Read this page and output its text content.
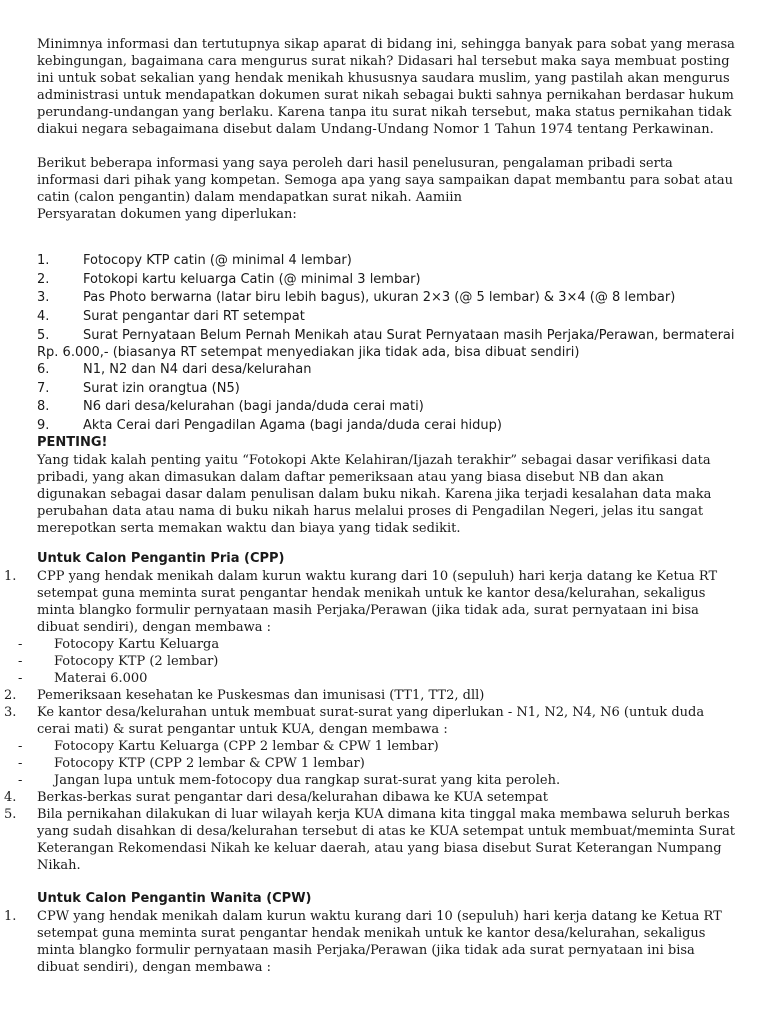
Minimnya informasi dan tertutupnya sikap aparat di bidang ini, sehingga banyak para sobat yang merasa kebingungan, bagaimana cara mengurus surat nikah? Didasari hal tersebut maka saya membuat posting ini untuk sobat sekalian yang hendak menikah khususnya saudara muslim, yang pastilah akan mengurus administrasi untuk mendapatkan dokumen surat nikah sebagai bukti sahnya pernikahan berdasar hukum perundang-undangan yang berlaku. Karena tanpa itu surat nikah tersebut, maka status pernikahan tidak diakui negara sebagaimana disebut dalam Undang-Undang Nomor 1 Tahun 1974 tentang Perkawinan.

Berikut beberapa informasi yang saya peroleh dari hasil penelusuran, pengalaman pribadi serta informasi dari pihak yang kompetan. Semoga apa yang saya sampaikan dapat membantu para sobat atau catin (calon pengantin) dalam mendapatkan surat nikah. Aamiin

Persyaratan dokumen yang diperlukan:

1.	Fotocopy KTP catin (@ minimal 4 lembar)
2.	Fotokopi kartu keluarga Catin (@ minimal 3 lembar)
3.	Pas Photo berwarna (latar biru lebih bagus), ukuran 2×3 (@ 5 lembar) & 3×4 (@ 8 lembar)
4.	Surat pengantar dari RT setempat
5.	Surat Pernyataan Belum Pernah Menikah atau Surat Pernyataan masih Perjaka/Perawan, bermaterai Rp. 6.000,- (biasanya RT setempat menyediakan jika tidak ada, bisa dibuat sendiri)
6.	N1, N2 dan N4 dari desa/kelurahan
7.	Surat izin orangtua (N5)
8.	N6 dari desa/kelurahan (bagi janda/duda cerai mati)
9.	Akta Cerai dari Pengadilan Agama (bagi janda/duda cerai hidup)

PENTING!

Yang tidak kalah penting yaitu “Fotokopi Akte Kelahiran/Ijazah terakhir” sebagai dasar verifikasi data pribadi, yang akan dimasukan dalam daftar pemeriksaan atau yang biasa disebut NB dan akan digunakan sebagai dasar dalam penulisan dalam buku nikah. Karena jika terjadi kesalahan data maka perubahan data atau nama di buku nikah harus melalui proses di Pengadilan Negeri, jelas itu sangat merepotkan serta memakan waktu dan biaya yang tidak sedikit.

Untuk Calon Pengantin Pria (CPP)

1. CPP yang hendak menikah dalam kurun waktu kurang dari 10 (sepuluh) hari kerja datang ke Ketua RT setempat guna meminta surat pengantar hendak menikah untuk ke kantor desa/kelurahan, sekaligus minta blangko formulir pernyataan masih Perjaka/Perawan (jika tidak ada, surat pernyataan ini bisa dibuat sendiri), dengan membawa :
- Fotocopy Kartu Keluarga
- Fotocopy KTP (2 lembar)
- Materai 6.000
2. Pemeriksaan kesehatan ke Puskesmas dan imunisasi (TT1, TT2, dll)
3. Ke kantor desa/kelurahan untuk membuat surat-surat yang diperlukan - N1, N2, N4, N6 (untuk duda cerai mati) & surat pengantar untuk KUA, dengan membawa :
- Fotocopy Kartu Keluarga (CPP 2 lembar & CPW 1 lembar)
- Fotocopy KTP (CPP 2 lembar & CPW 1 lembar)
- Jangan lupa untuk mem-fotocopy dua rangkap surat-surat yang kita peroleh.
4. Berkas-berkas surat pengantar dari desa/kelurahan dibawa ke KUA setempat
5. Bila pernikahan dilakukan di luar wilayah kerja KUA dimana kita tinggal maka membawa seluruh berkas yang sudah disahkan di desa/kelurahan tersebut di atas ke KUA setempat untuk membuat/meminta Surat Keterangan Rekomendasi Nikah ke keluar daerah, atau yang biasa disebut Surat Keterangan Numpang Nikah.

Untuk Calon Pengantin Wanita (CPW)

1. CPW yang hendak menikah dalam kurun waktu kurang dari 10 (sepuluh) hari kerja datang ke Ketua RT setempat guna meminta surat pengantar hendak menikah untuk ke kantor desa/kelurahan, sekaligus minta blangko formulir pernyataan masih Perjaka/Perawan (jika tidak ada surat pernyataan ini bisa dibuat sendiri), dengan membawa :
